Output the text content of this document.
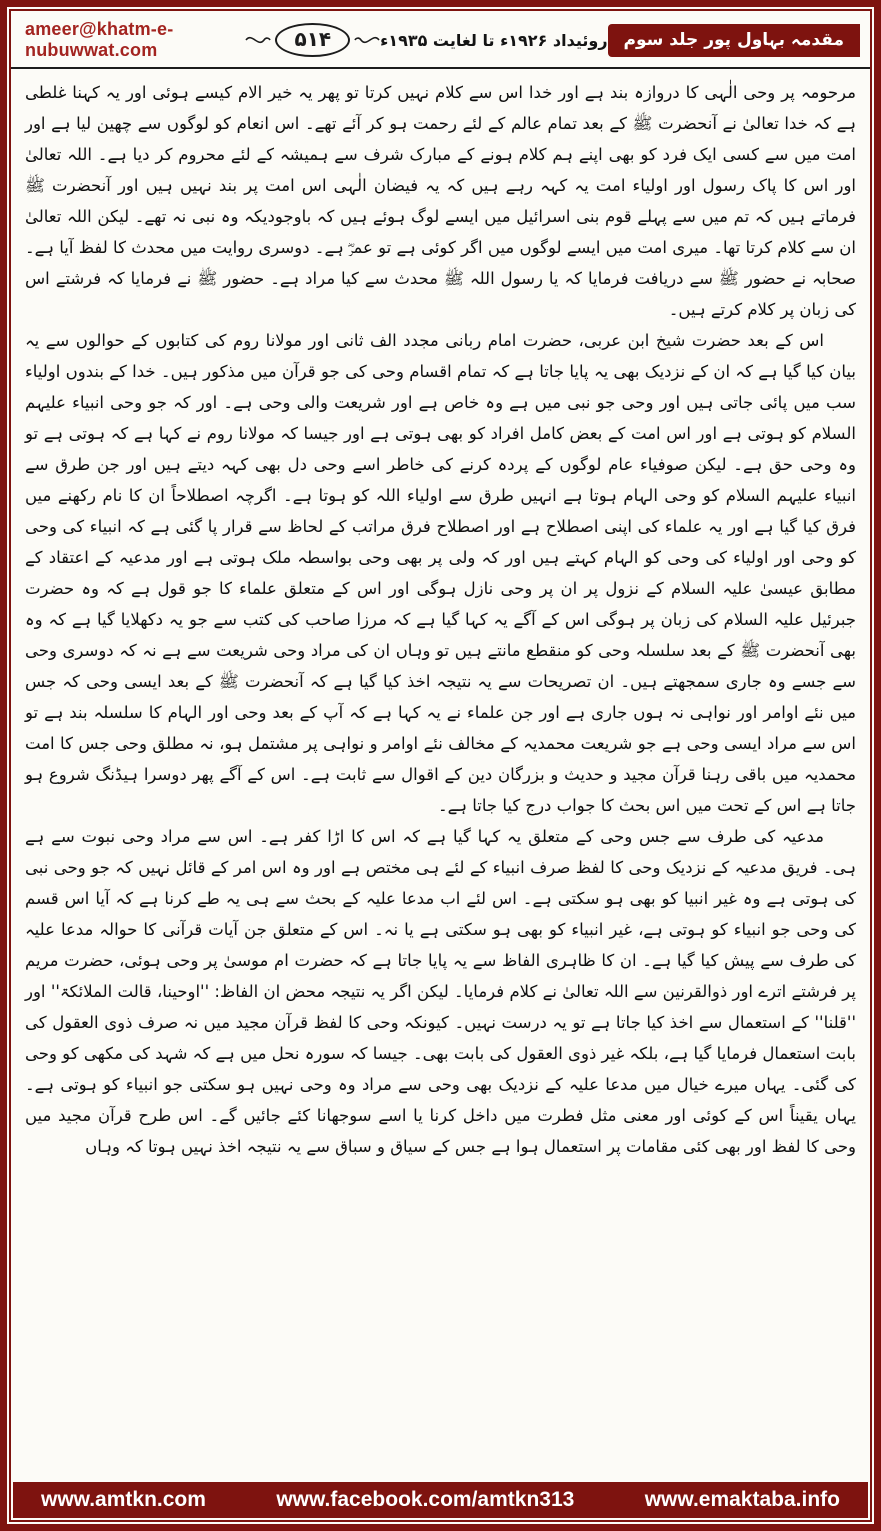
ameer@khatm-e-nubuwwat.com	۵۱۴	روئیداد ۱۹۲۶ء تا لغایت ۱۹۳۵ء مقدمہ بہاول پور جلد سوم

مرحومہ پر وحی الٰہی کا دروازہ بند ہے اور خدا اس سے کلام نہیں کرتا تو پھر یہ خیر الام کیسے ہوئی اور یہ کہنا غلطی ہے کہ خدا تعالیٰ نے آنحضرت ﷺ کے بعد تمام عالم کے لئے رحمت ہو کر آئے تھے۔ اس انعام کو لوگوں سے چھین لیا ہے اور امت میں سے کسی ایک فرد کو بھی اپنے ہم کلام ہونے کے مبارک شرف سے ہمیشہ کے لئے محروم کر دیا ہے۔ اللہ تعالیٰ اور اس کا پاک رسول اور اولیاء امت یہ کہہ رہے ہیں کہ یہ فیضان الٰہی اس امت پر بند نہیں ہیں اور آنحضرت ﷺ فرماتے ہیں کہ تم میں سے پہلے قوم بنی اسرائیل میں ایسے لوگ ہوئے ہیں کہ باوجودیکہ وہ نبی نہ تھے۔ لیکن اللہ تعالیٰ ان سے کلام کرتا تھا۔ میری امت میں ایسے لوگوں میں اگر کوئی ہے تو عمرؓ ہے۔ دوسری روایت میں محدث کا لفظ آیا ہے۔ صحابہ نے حضور ﷺ سے دریافت فرمایا کہ یا رسول اللہ ﷺ محدث سے کیا مراد ہے۔ حضور ﷺ نے فرمایا کہ فرشتے اس کی زبان پر کلام کرتے ہیں۔

اس کے بعد حضرت شیخ ابن عربی، حضرت امام ربانی مجدد الف ثانی اور مولانا روم کی کتابوں کے حوالوں سے یہ بیان کیا گیا ہے کہ ان کے نزدیک بھی یہ پایا جاتا ہے کہ تمام اقسام وحی کی جو قرآن میں مذکور ہیں۔ خدا کے بندوں اولیاء سب میں پائی جاتی ہیں اور وحی جو نبی میں ہے وہ خاص ہے اور شریعت والی وحی ہے۔ اور کہ جو وحی انبیاء علیہم السلام کو ہوتی ہے اور اس امت کے بعض کامل افراد کو بھی ہوتی ہے اور جیسا کہ مولانا روم نے کہا ہے کہ ہوتی ہے تو وہ وحی حق ہے۔ لیکن صوفیاء عام لوگوں کے پردہ کرنے کی خاطر اسے وحی دل بھی کہہ دیتے ہیں اور جن طرق سے انبیاء علیہم السلام کو وحی الہام ہوتا ہے انہیں طرق سے اولیاء اللہ کو ہوتا ہے۔ اگرچہ اصطلاحاً ان کا نام رکھنے میں فرق کیا گیا ہے اور یہ علماء کی اپنی اصطلاح ہے اور اصطلاح فرق مراتب کے لحاظ سے قرار پا گئی ہے کہ انبیاء کی وحی کو وحی اور اولیاء کی وحی کو الہام کہتے ہیں اور کہ ولی پر بھی وحی بواسطہ ملک ہوتی ہے اور مدعیہ کے اعتقاد کے مطابق عیسیٰ علیہ السلام کے نزول پر ان پر وحی نازل ہوگی اور اس کے متعلق علماء کا جو قول ہے کہ وہ حضرت جبرئیل علیہ السلام کی زبان پر ہوگی اس کے آگے یہ کہا گیا ہے کہ مرزا صاحب کی کتب سے جو یہ دکھلایا گیا ہے کہ وہ بھی آنحضرت ﷺ کے بعد سلسلہ وحی کو منقطع مانتے ہیں تو وہاں ان کی مراد وحی شریعت سے ہے نہ کہ دوسری وحی سے جسے وہ جاری سمجھتے ہیں۔ ان تصریحات سے یہ نتیجہ اخذ کیا گیا ہے کہ آنحضرت ﷺ کے بعد ایسی وحی کہ جس میں نئے اوامر اور نواہی نہ ہوں جاری ہے اور جن علماء نے یہ کہا ہے کہ آپ کے بعد وحی اور الہام کا سلسلہ بند ہے تو اس سے مراد ایسی وحی ہے جو شریعت محمدیہ کے مخالف نئے اوامر و نواہی پر مشتمل ہو، نہ مطلق وحی جس کا امت محمدیہ میں باقی رہنا قرآن مجید و حدیث و بزرگان دین کے اقوال سے ثابت ہے۔ اس کے آگے پھر دوسرا ہیڈنگ شروع ہو جاتا ہے اس کے تحت میں اس بحث کا جواب درج کیا جاتا ہے۔

مدعیہ کی طرف سے جس وحی کے متعلق یہ کہا گیا ہے کہ اس کا اڑا کفر ہے۔ اس سے مراد وحی نبوت سے ہے ہی۔ فریق مدعیہ کے نزدیک وحی کا لفظ صرف انبیاء کے لئے ہی مختص ہے اور وہ اس امر کے قائل نہیں کہ جو وحی نبی کی ہوتی ہے وہ غیر انبیا کو بھی ہو سکتی ہے۔ اس لئے اب مدعا علیہ کے بحث سے ہی یہ طے کرنا ہے کہ آیا اس قسم کی وحی جو انبیاء کو ہوتی ہے، غیر انبیاء کو بھی ہو سکتی ہے یا نہ۔ اس کے متعلق جن آیات قرآنی کا حوالہ مدعا علیہ کی طرف سے پیش کیا گیا ہے۔ ان کا ظاہری الفاظ سے یہ پایا جاتا ہے کہ حضرت ام موسیٰ پر وحی ہوئی، حضرت مریم پر فرشتے اترے اور ذوالقرنین سے اللہ تعالیٰ نے کلام فرمایا۔ لیکن اگر یہ نتیجہ محض ان الفاظ: ''اوحینا، قالت الملائکۃ'' اور ''قلنا'' کے استعمال سے اخذ کیا جاتا ہے تو یہ درست نہیں۔ کیونکہ وحی کا لفظ قرآن مجید میں نہ صرف ذوی العقول کی بابت استعمال فرمایا گیا ہے، بلکہ غیر ذوی العقول کی بابت بھی۔ جیسا کہ سورہ نحل میں ہے کہ شہد کی مکھی کو وحی کی گئی۔ یہاں میرے خیال میں مدعا علیہ کے نزدیک بھی وحی سے مراد وہ وحی نہیں ہو سکتی جو انبیاء کو ہوتی ہے۔ یہاں یقیناً اس کے کوئی اور معنی مثل فطرت میں داخل کرنا یا اسے سوجھانا کئے جائیں گے۔ اس طرح قرآن مجید میں وحی کا لفظ اور بھی کئی مقامات پر استعمال ہوا ہے جس کے سیاق و سباق سے یہ نتیجہ اخذ نہیں ہوتا کہ وہاں

www.amtkn.com	www.facebook.com/amtkn313	www.emaktaba.info
